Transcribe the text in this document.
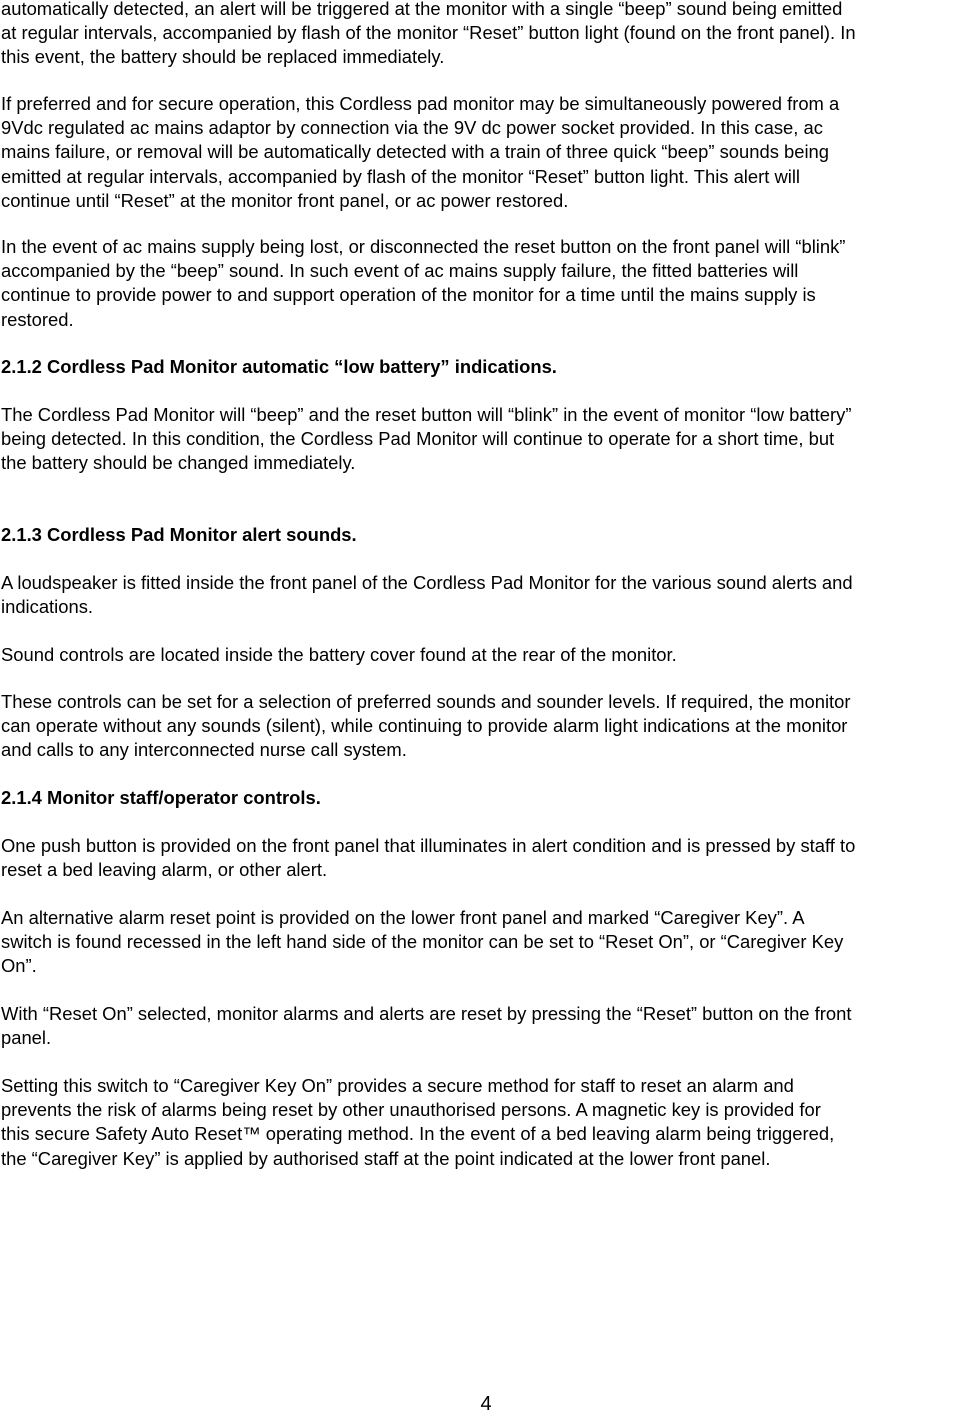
automatically detected, an alert will be triggered at the monitor with a single “beep” sound being emitted
at regular intervals, accompanied by flash of the monitor “Reset” button light (found on the front panel). In
this event, the battery should be replaced immediately.
If preferred and for secure operation, this Cordless pad monitor may be simultaneously powered from a
9Vdc regulated ac mains adaptor by connection via the 9V dc power socket provided. In this case, ac
mains failure, or removal will be automatically detected with a train of three quick “beep” sounds being
emitted at regular intervals, accompanied by flash of the monitor “Reset” button light. This alert will
continue until “Reset” at the monitor front panel, or ac power restored.
In the event of ac mains supply being lost, or disconnected the reset button on the front panel will “blink”
accompanied by the “beep” sound. In such event of ac mains supply failure, the fitted batteries will
continue to provide power to and support operation of the monitor for a time until the mains supply is
restored.
2.1.2 Cordless Pad Monitor automatic “low battery” indications.
The Cordless Pad Monitor will “beep” and the reset button will “blink” in the event of monitor “low battery”
being detected. In this condition, the Cordless Pad Monitor will continue to operate for a short time, but
the battery should be changed immediately.
2.1.3 Cordless Pad Monitor alert sounds.
A loudspeaker is fitted inside the front panel of the Cordless Pad Monitor for the various sound alerts and
indications.
Sound controls are located inside the battery cover found at the rear of the monitor.
These controls can be set for a selection of preferred sounds and sounder levels. If required, the monitor
can operate without any sounds (silent), while continuing to provide alarm light indications at the monitor
and calls to any interconnected nurse call system.
2.1.4 Monitor staff/operator controls.
One push button is provided on the front panel that illuminates in alert condition and is pressed by staff to
reset a bed leaving alarm, or other alert.
An alternative alarm reset point is provided on the lower front panel and marked “Caregiver Key”. A
switch is found recessed in the left hand side of the monitor can be set to “Reset On”, or “Caregiver Key
On”.
With “Reset On” selected, monitor alarms and alerts are reset by pressing the “Reset” button on the front
panel.
Setting this switch to “Caregiver Key On” provides a secure method for staff to reset an alarm and
prevents the risk of alarms being reset by other unauthorised persons. A magnetic key is provided for
this secure Safety Auto Reset™ operating method. In the event of a bed leaving alarm being triggered,
the “Caregiver Key” is applied by authorised staff at the point indicated at the lower front panel.
4
